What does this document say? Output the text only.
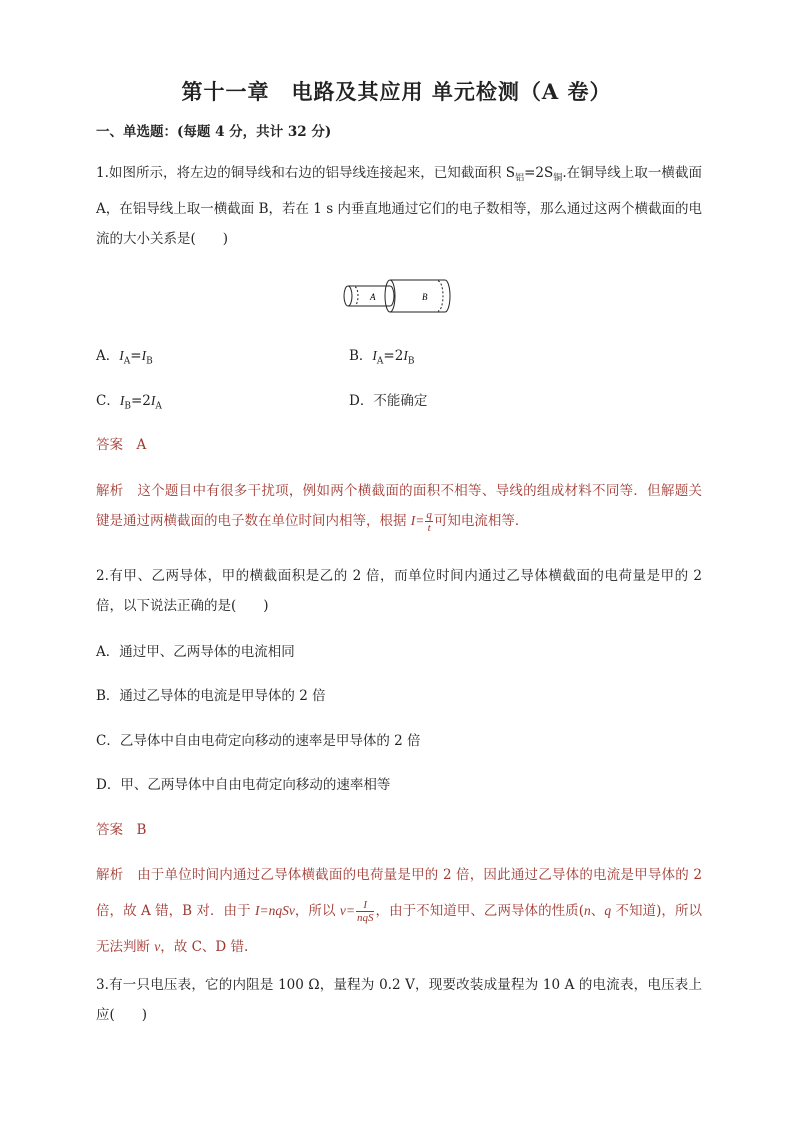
第十一章　电路及其应用 单元检测（A 卷）
一、单选题：(每题 4 分，共计 32 分)
1.如图所示，将左边的铜导线和右边的铝导线连接起来，已知截面积 $S_铝=2S_铜$.在铜导线上取一横截面 A，在铝导线上取一横截面 B，若在 1 s 内垂直地通过它们的电子数相等，那么通过这两个横截面的电流的大小关系是(　　)
A	B
A．$I_A=I_B$	B．$I_A=2I_B$
C．$I_B=2I_A$	D．不能确定
答案　A
解析　这个题目中有很多干扰项，例如两个横截面的面积不相等、导线的组成材料不同等．但解题关键是通过两横截面的电子数在单位时间内相等，根据 $I= \frac{q}{t}$ 可知电流相等．
2.有甲、乙两导体，甲的横截面积是乙的 2 倍，而单位时间内通过乙导体横截面的电荷量是甲的 2 倍，以下说法正确的是(　　)
A．通过甲、乙两导体的电流相同
B．通过乙导体的电流是甲导体的 2 倍
C．乙导体中自由电荷定向移动的速率是甲导体的 2 倍
D．甲、乙两导体中自由电荷定向移动的速率相等
答案　B
解析　由于单位时间内通过乙导体横截面的电荷量是甲的 2 倍，因此通过乙导体的电流是甲导体的 2 倍，故 A 错，B 对．由于 I=nqSv，所以 $v= \frac{I}{\text{nqS}}$ ，由于不知道甲、乙两导体的性质(n、q 不知道)，所以无法判断 v，故 C、D 错.
3.有一只电压表，它的内阻是 100 Ω，量程为 0.2 V，现要改装成量程为 10 A 的电流表，电压表上应(　　)
